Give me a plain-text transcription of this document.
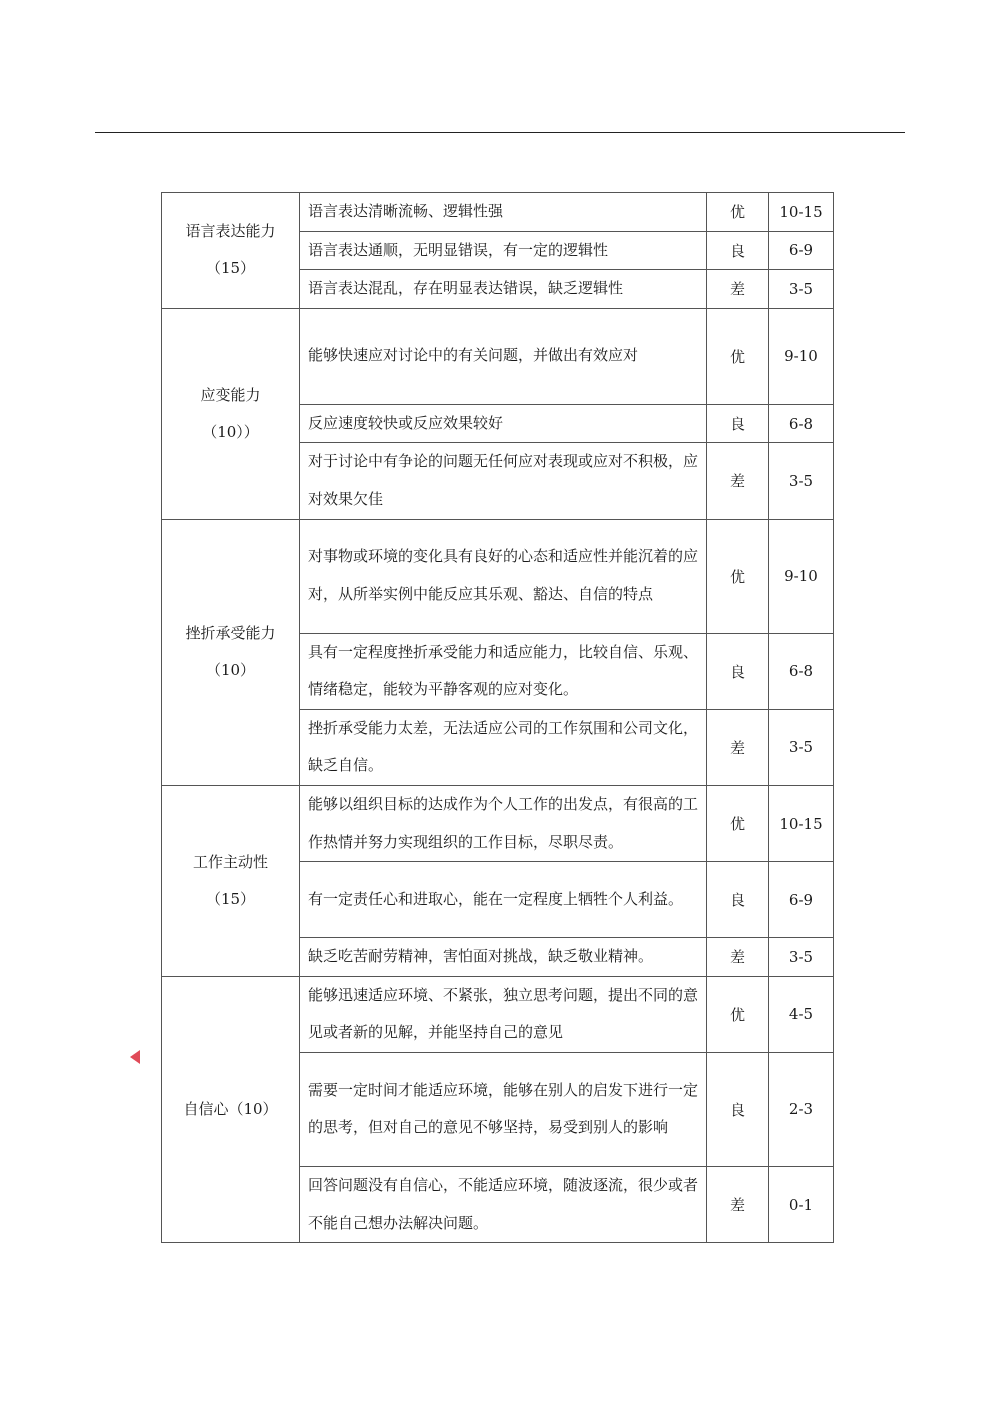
语言表达能力
（15）	语言表达清晰流畅、逻辑性强	优	10-15
	语言表达通顺，无明显错误，有一定的逻辑性	良	6-9
	语言表达混乱，存在明显表达错误，缺乏逻辑性	差	3-5

应变能力
（10））	能够快速应对讨论中的有关问题，并做出有效应对	优	9-10
	反应速度较快或反应效果较好	良	6-8
	对于讨论中有争论的问题无任何应对表现或应对不积极，应对效果欠佳	差	3-5

挫折承受能力
（10）	对事物或环境的变化具有良好的心态和适应性并能沉着的应对，从所举实例中能反应其乐观、豁达、自信的特点	优	9-10
	具有一定程度挫折承受能力和适应能力，比较自信、乐观、情绪稳定，能较为平静客观的应对变化。	良	6-8
	挫折承受能力太差，无法适应公司的工作氛围和公司文化，缺乏自信。	差	3-5

工作主动性
（15）	能够以组织目标的达成作为个人工作的出发点，有很高的工作热情并努力实现组织的工作目标，尽职尽责。	优	10-15
	有一定责任心和进取心，能在一定程度上牺牲个人利益。	良	6-9
	缺乏吃苦耐劳精神，害怕面对挑战，缺乏敬业精神。	差	3-5

自信心（10）	能够迅速适应环境、不紧张，独立思考问题，提出不同的意见或者新的见解，并能坚持自己的意见	优	4-5
	需要一定时间才能适应环境，能够在别人的启发下进行一定的思考，但对自己的意见不够坚持，易受到别人的影响	良	2-3
	回答问题没有自信心，不能适应环境，随波逐流，很少或者不能自己想办法解决问题。	差	0-1
